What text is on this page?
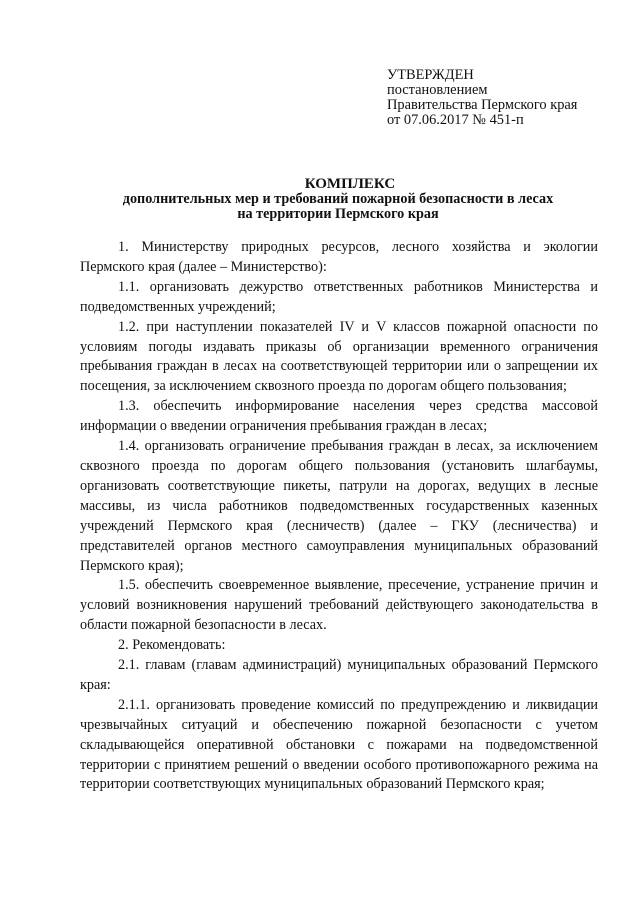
УТВЕРЖДЕН
постановлением
Правительства Пермского края
от 07.06.2017 № 451-п
КОМПЛЕКС
дополнительных мер и требований пожарной безопасности в лесах
на территории Пермского края

1. Министерству природных ресурсов, лесного хозяйства и экологии Пермского края (далее – Министерство):

1.1. организовать дежурство ответственных работников Министерства и подведомственных учреждений;

1.2. при наступлении показателей IV и V классов пожарной опасности по условиям погоды издавать приказы об организации временного ограничения пребывания граждан в лесах на соответствующей территории или о запрещении их посещения, за исключением сквозного проезда по дорогам общего пользования;

1.3. обеспечить информирование населения через средства массовой информации о введении ограничения пребывания граждан в лесах;

1.4. организовать ограничение пребывания граждан в лесах, за исключением сквозного проезда по дорогам общего пользования (установить шлагбаумы, организовать соответствующие пикеты, патрули на дорогах, ведущих в лесные массивы, из числа работников подведомственных государственных казенных учреждений Пермского края (лесничеств) (далее – ГКУ (лесничества) и представителей органов местного самоуправления муниципальных образований Пермского края);

1.5. обеспечить своевременное выявление, пресечение, устранение причин и условий возникновения нарушений требований действующего законодательства в области пожарной безопасности в лесах.

2. Рекомендовать:

2.1. главам (главам администраций) муниципальных образований Пермского края:

2.1.1. организовать проведение комиссий по предупреждению и ликвидации чрезвычайных ситуаций и обеспечению пожарной безопасности с учетом складывающейся оперативной обстановки с пожарами на подведомственной территории с принятием решений о введении особого противопожарного режима на территории соответствующих муниципальных образований Пермского края;
